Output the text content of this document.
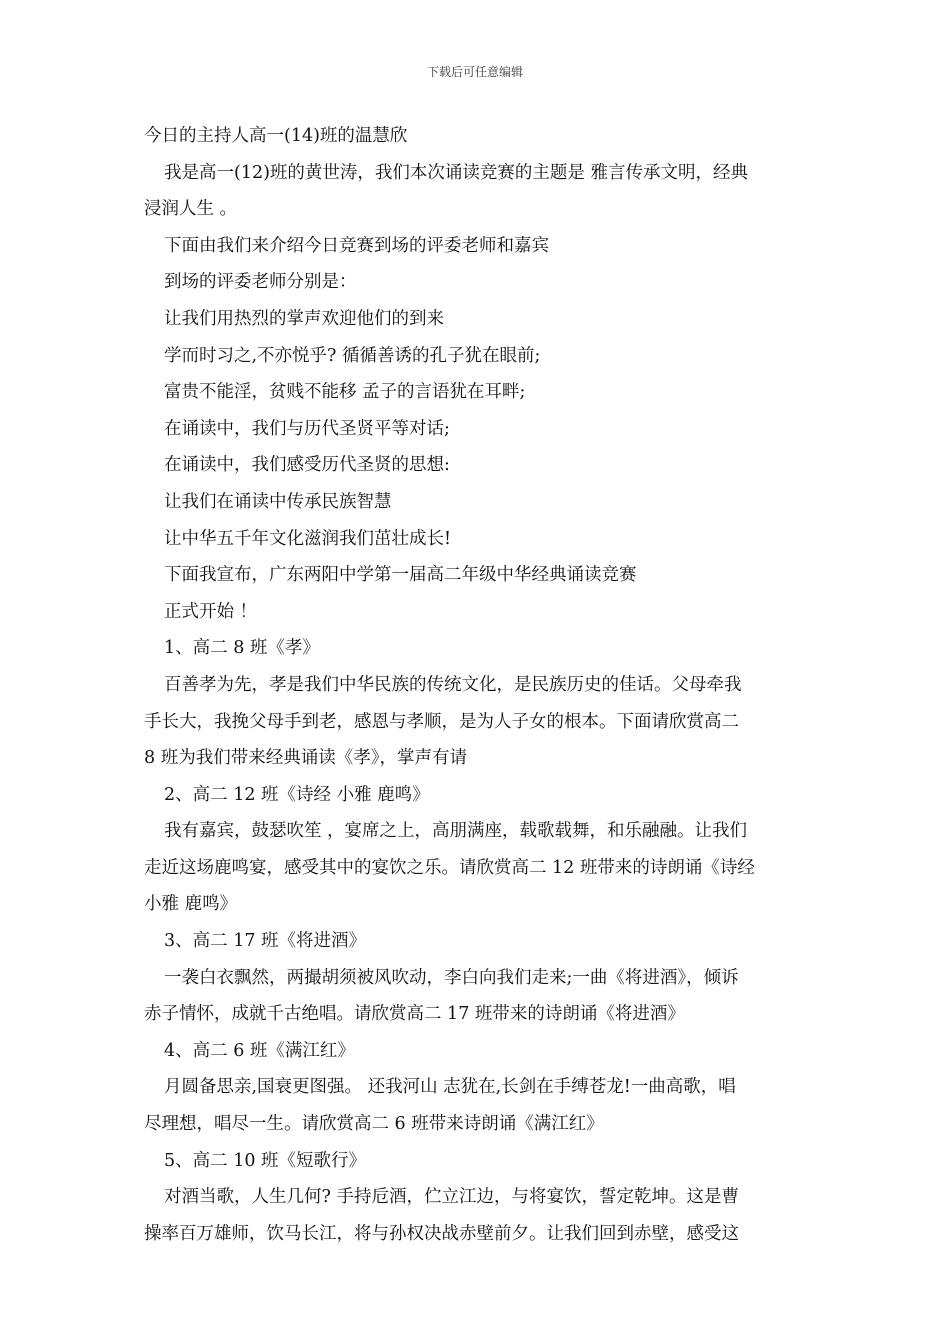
下载后可任意编辑
今日的主持人高一(14)班的温慧欣
我是高一(12)班的黄世涛，我们本次诵读竞赛的主题是 雅言传承文明，经典
浸润人生 。
下面由我们来介绍今日竞赛到场的评委老师和嘉宾
到场的评委老师分别是：
让我们用热烈的掌声欢迎他们的到来
学而时习之,不亦悦乎? 循循善诱的孔子犹在眼前;
富贵不能淫，贫贱不能移 孟子的言语犹在耳畔;
在诵读中，我们与历代圣贤平等对话;
在诵读中，我们感受历代圣贤的思想:
让我们在诵读中传承民族智慧
让中华五千年文化滋润我们茁壮成长!
下面我宣布，广东两阳中学第一届高二年级中华经典诵读竞赛
正式开始 ！
1、高二 8 班《孝》
百善孝为先，孝是我们中华民族的传统文化，是民族历史的佳话。父母牵我
手长大，我挽父母手到老，感恩与孝顺，是为人子女的根本。下面请欣赏高二
8 班为我们带来经典诵读《孝》，掌声有请
2、高二 12 班《诗经 小雅 鹿鸣》
我有嘉宾，鼓瑟吹笙 ，宴席之上，高朋满座，载歌载舞，和乐融融。让我们
走近这场鹿鸣宴，感受其中的宴饮之乐。请欣赏高二 12 班带来的诗朗诵《诗经
小雅 鹿鸣》
3、高二 17 班《将进酒》
一袭白衣飘然，两撮胡须被风吹动，李白向我们走来;一曲《将进酒》，倾诉
赤子情怀，成就千古绝唱。请欣赏高二 17 班带来的诗朗诵《将进酒》
4、高二 6 班《满江红》
月圆备思亲,国衰更图强。 还我河山 志犹在,长剑在手缚苍龙!一曲高歌，唱
尽理想，唱尽一生。请欣赏高二 6 班带来诗朗诵《满江红》
5、高二 10 班《短歌行》
对酒当歌，人生几何? 手持卮酒，伫立江边，与将宴饮，誓定乾坤。这是曹
操率百万雄师，饮马长江，将与孙权决战赤壁前夕。让我们回到赤壁，感受这
